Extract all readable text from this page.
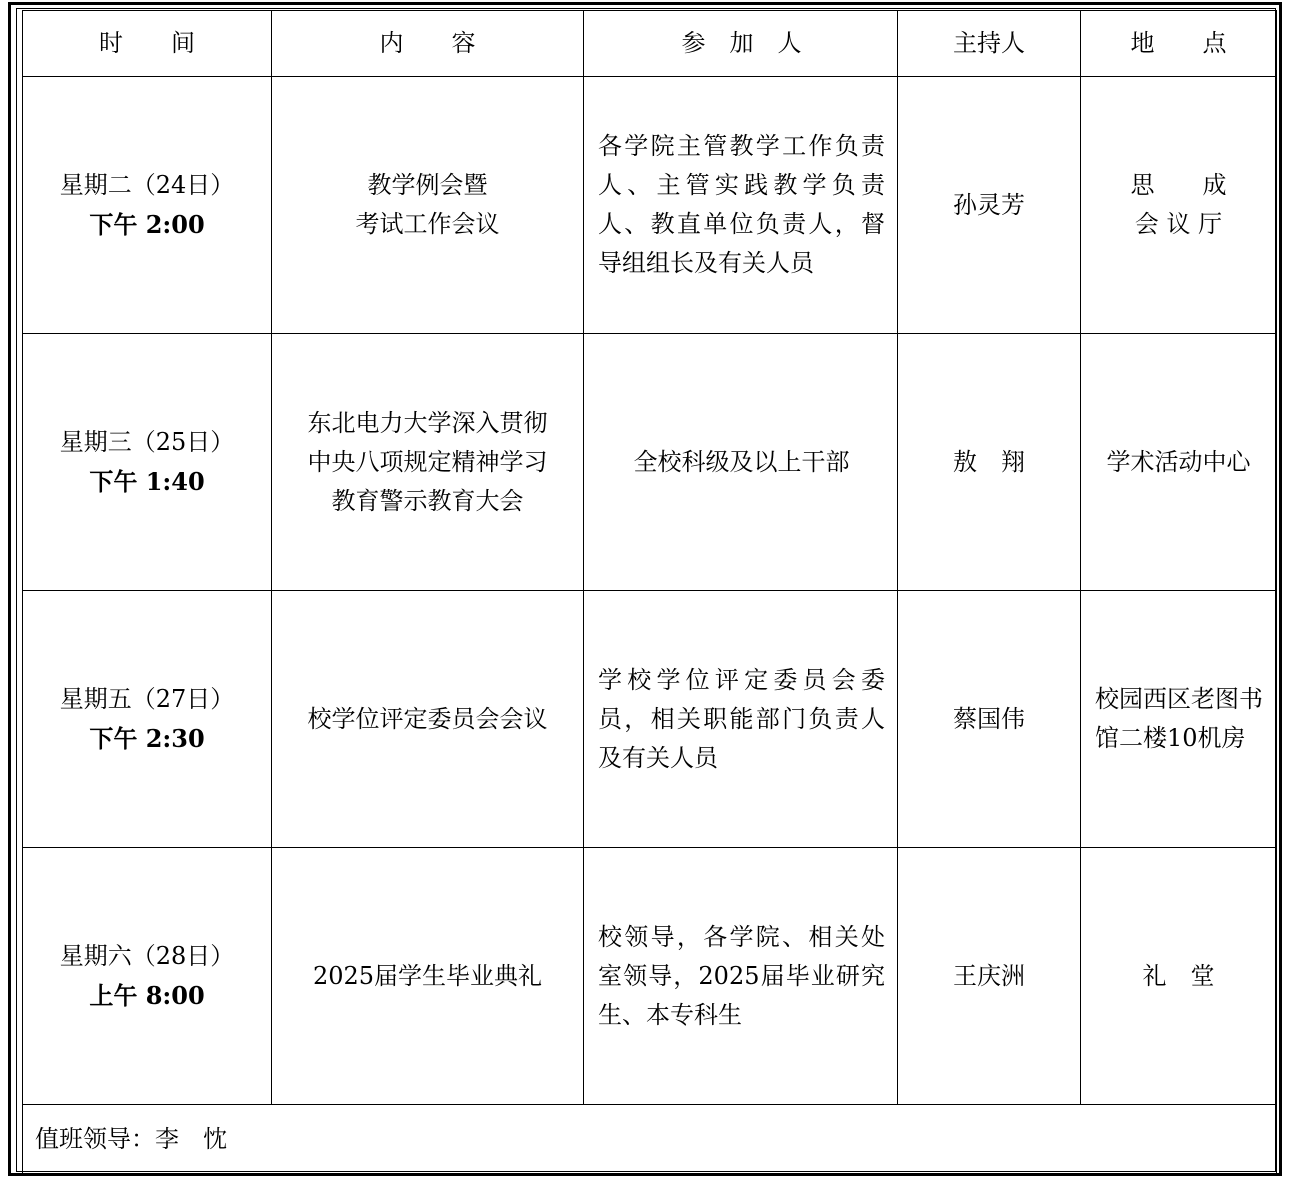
时　　间	内　　容	参　加　人	主持人	地　　点

星期二（24日）
下午 2:00	教学例会暨
考试工作会议	各学院主管教学工作负责人、主管实践教学负责人、教直单位负责人，督导组组长及有关人员	孙灵芳	思　　成
会 议 厅

星期三（25日）
下午 1:40	东北电力大学深入贯彻
中央八项规定精神学习
教育警示教育大会	全校科级及以上干部	敖　翔	学术活动中心

星期五（27日）
下午 2:30	校学位评定委员会会议	学校学位评定委员会委员，相关职能部门负责人及有关人员	蔡国伟	校园西区老图书馆二楼10机房

星期六（28日）
上午 8:00	2025届学生毕业典礼	校领导，各学院、相关处室领导，2025届毕业研究生、本专科生	王庆洲	礼　堂

值班领导：李　忱				
